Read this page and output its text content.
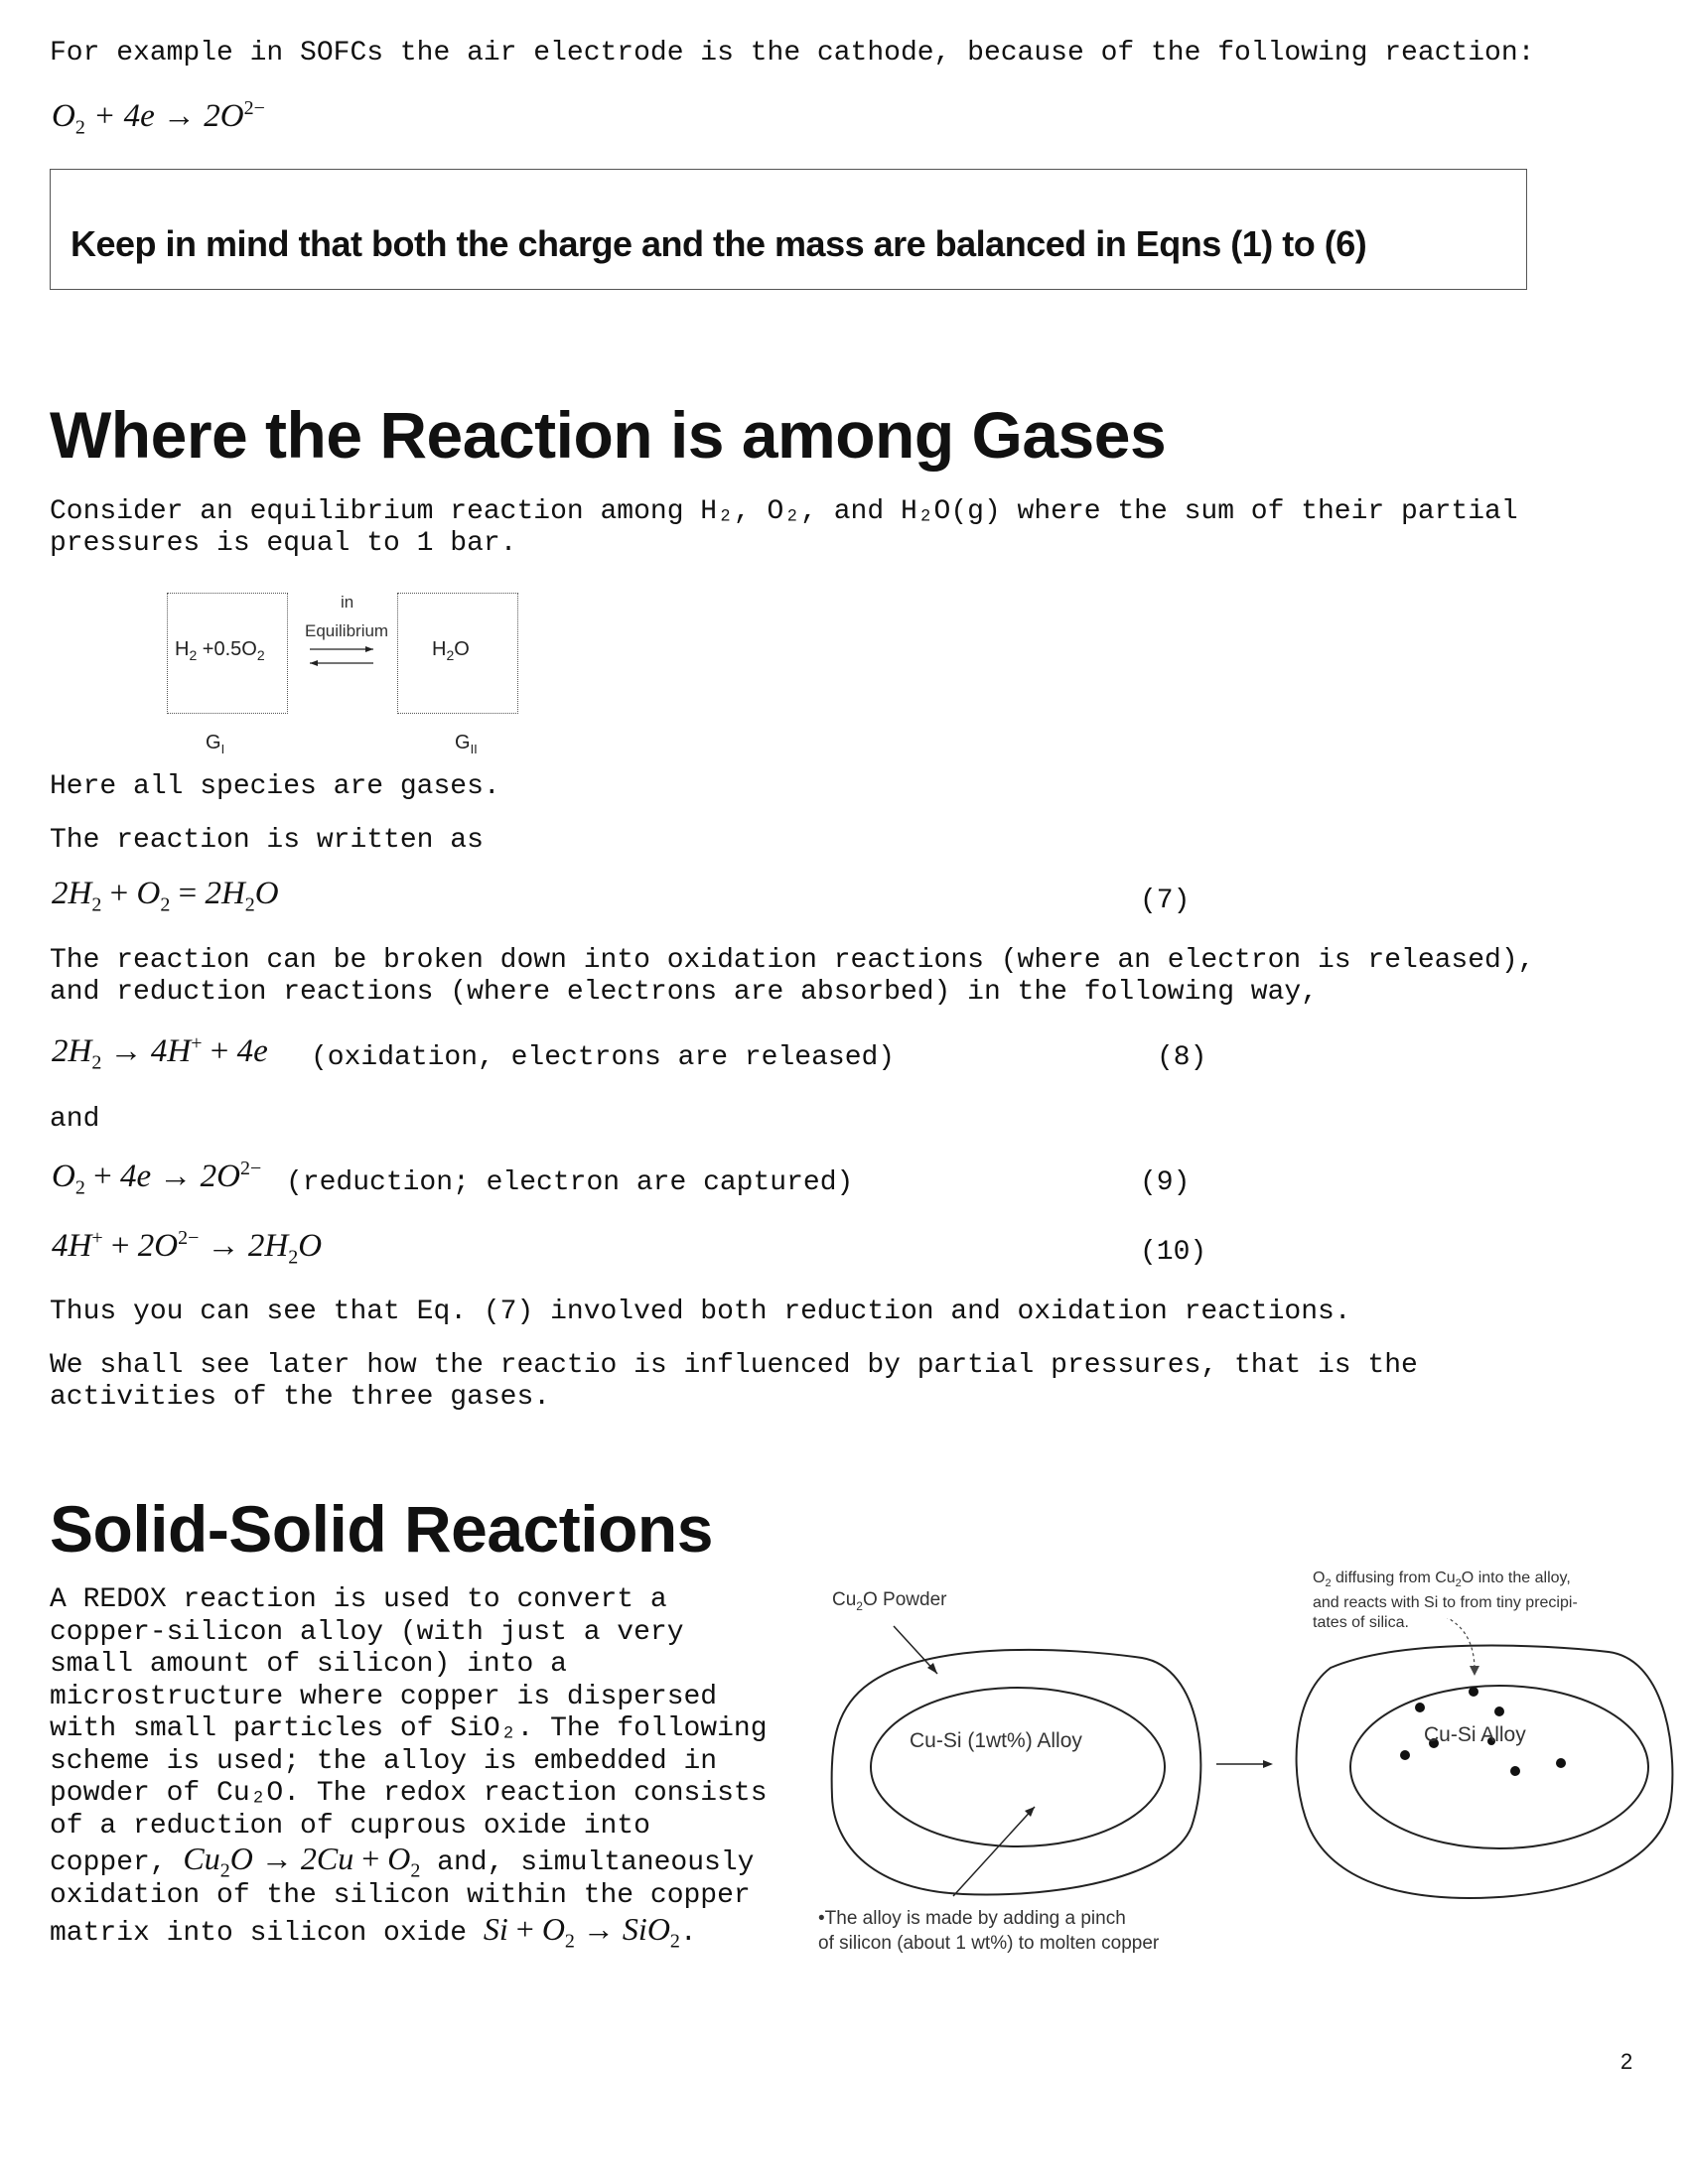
For example in SOFCs the air electrode is the cathode, because of the following reaction:
$O_2 + 4e \to 2O^{2-}$
Keep in mind that both the charge and the mass are balanced in Eqns (1) to (6)
Where the Reaction is among Gases
Consider an equilibrium reaction among H₂, O₂, and H₂O(g) where the sum of their partial
pressures is equal to 1 bar.
$H_2 +0.5O_2$
in
Equilibrium
$H_2O$
$G_I$	$G_{II}$
Here all species are gases.
The reaction is written as
$2H_2 + O_2 = 2H_2O$	(7)
The reaction can be broken down into oxidation reactions (where an electron is released),
and reduction reactions (where electrons are absorbed) in the following way,
$2H_2 \to 4H^+ + 4e$ (oxidation, electrons are released)	(8)
and
$O_2 + 4e \to 2O^{2-}$ (reduction; electron are captured)	(9)
$4H^+ + 2O^{2-} \to 2H_2O$	(10)
Thus you can see that Eq. (7) involved both reduction and oxidation reactions.
We shall see later how the reactio is influenced by partial pressures, that is the
activities of the three gases.
Solid-Solid Reactions
A REDOX reaction is used to convert a
copper-silicon alloy (with just a very
small amount of silicon) into a
microstructure where copper is dispersed
with small particles of SiO₂. The following
scheme is used; the alloy is embedded in
powder of Cu₂O. The redox reaction consists
of a reduction of cuprous oxide into
copper, $Cu_2O \to 2Cu + O_2$ and, simultaneously
oxidation of the silicon within the copper
matrix into silicon oxide $Si + O_2 \to SiO_2$.
$Cu_2O$ Powder
Cu-Si (1wt%) Alloy	Cu-Si Alloy
$O_2$ diffusing from $Cu_2O$ into the alloy,
and reacts with Si to from tiny precipi-
tates of silica.
•The alloy is made by adding a pinch
of silicon (about 1 wt%) to molten copper
2
